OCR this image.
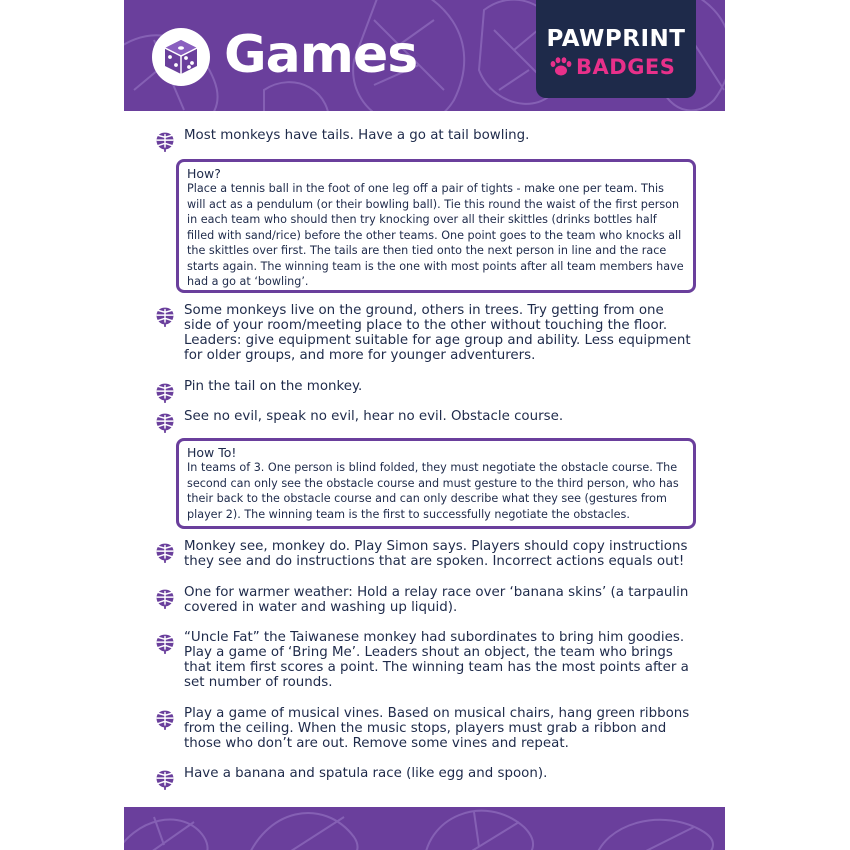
Games	PAWPRINT
BADGES
Most monkeys have tails. Have a go at tail bowling.
How?
Place a tennis ball in the foot of one leg off a pair of tights - make one per team. This will act as a pendulum (or their bowling ball). Tie this round the waist of the first person in each team who should then try knocking over all their skittles (drinks bottles half filled with sand/rice) before the other teams. One point goes to the team who knocks all the skittles over first. The tails are then tied onto the next person in line and the race starts again. The winning team is the one with most points after all team members have had a go at ‘bowling’.
Some monkeys live on the ground, others in trees. Try getting from one side of your room/meeting place to the other without touching the floor. Leaders: give equipment suitable for age group and ability. Less equipment for older groups, and more for younger adventurers.
Pin the tail on the monkey.
See no evil, speak no evil, hear no evil. Obstacle course.
How To!
In teams of 3. One person is blind folded, they must negotiate the obstacle course. The second can only see the obstacle course and must gesture to the third person, who has their back to the obstacle course and can only describe what they see (gestures from player 2). The winning team is the first to successfully negotiate the obstacles.
Monkey see, monkey do. Play Simon says. Players should copy instructions they see and do instructions that are spoken. Incorrect actions equals out!
One for warmer weather: Hold a relay race over ‘banana skins’ (a tarpaulin covered in water and washing up liquid).
“Uncle Fat” the Taiwanese monkey had subordinates to bring him goodies. Play a game of ‘Bring Me’. Leaders shout an object, the team who brings that item first scores a point. The winning team has the most points after a set number of rounds.
Play a game of musical vines. Based on musical chairs, hang green ribbons from the ceiling. When the music stops, players must grab a ribbon and those who don’t are out. Remove some vines and repeat.
Have a banana and spatula race (like egg and spoon).
